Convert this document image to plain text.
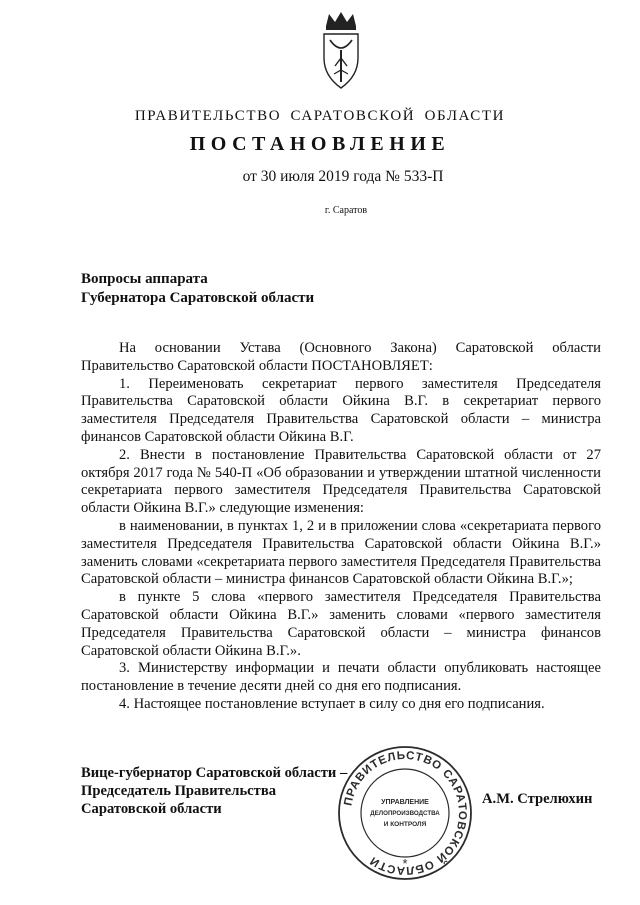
ПРАВИТЕЛЬСТВО САРАТОВСКОЙ ОБЛАСТИ
ПОСТАНОВЛЕНИЕ
от 30 июля 2019 года № 533-П
г. Саратов
Вопросы аппарата
Губернатора Саратовской области

На основании Устава (Основного Закона) Саратовской области Правительство Саратовской области ПОСТАНОВЛЯЕТ:

1. Переименовать секретариат первого заместителя Председателя Правительства Саратовской области Ойкина В.Г. в секретариат первого заместителя Председателя Правительства Саратовской области – министра финансов Саратовской области Ойкина В.Г.

2. Внести в постановление Правительства Саратовской области от 27 октября 2017 года № 540-П «Об образовании и утверждении штатной численности секретариата первого заместителя Председателя Правительства Саратовской области Ойкина В.Г.» следующие изменения:

в наименовании, в пунктах 1, 2 и в приложении слова «секретариата первого заместителя Председателя Правительства Саратовской области Ойкина В.Г.» заменить словами «секретариата первого заместителя Председателя Правительства Саратовской области – министра финансов Саратовской области Ойкина В.Г.»;

в пункте 5 слова «первого заместителя Председателя Правительства Саратовской области Ойкина В.Г.» заменить словами «первого заместителя Председателя Правительства Саратовской области – министра финансов Саратовской области Ойкина В.Г.».

3. Министерству информации и печати области опубликовать настоящее постановление в течение десяти дней со дня его подписания.

4. Настоящее постановление вступает в силу со дня его подписания.

Вице-губернатор Саратовской области –
Председатель Правительства
Саратовской области	ПРАВИТЕЛЬСТВО САРАТОВСКОЙ ОБЛАСТИ
УПРАВЛЕНИЕ
ДЕЛОПРОИЗВОДСТВА
И КОНТРОЛЯ
*
А.М. Стрелюхин
